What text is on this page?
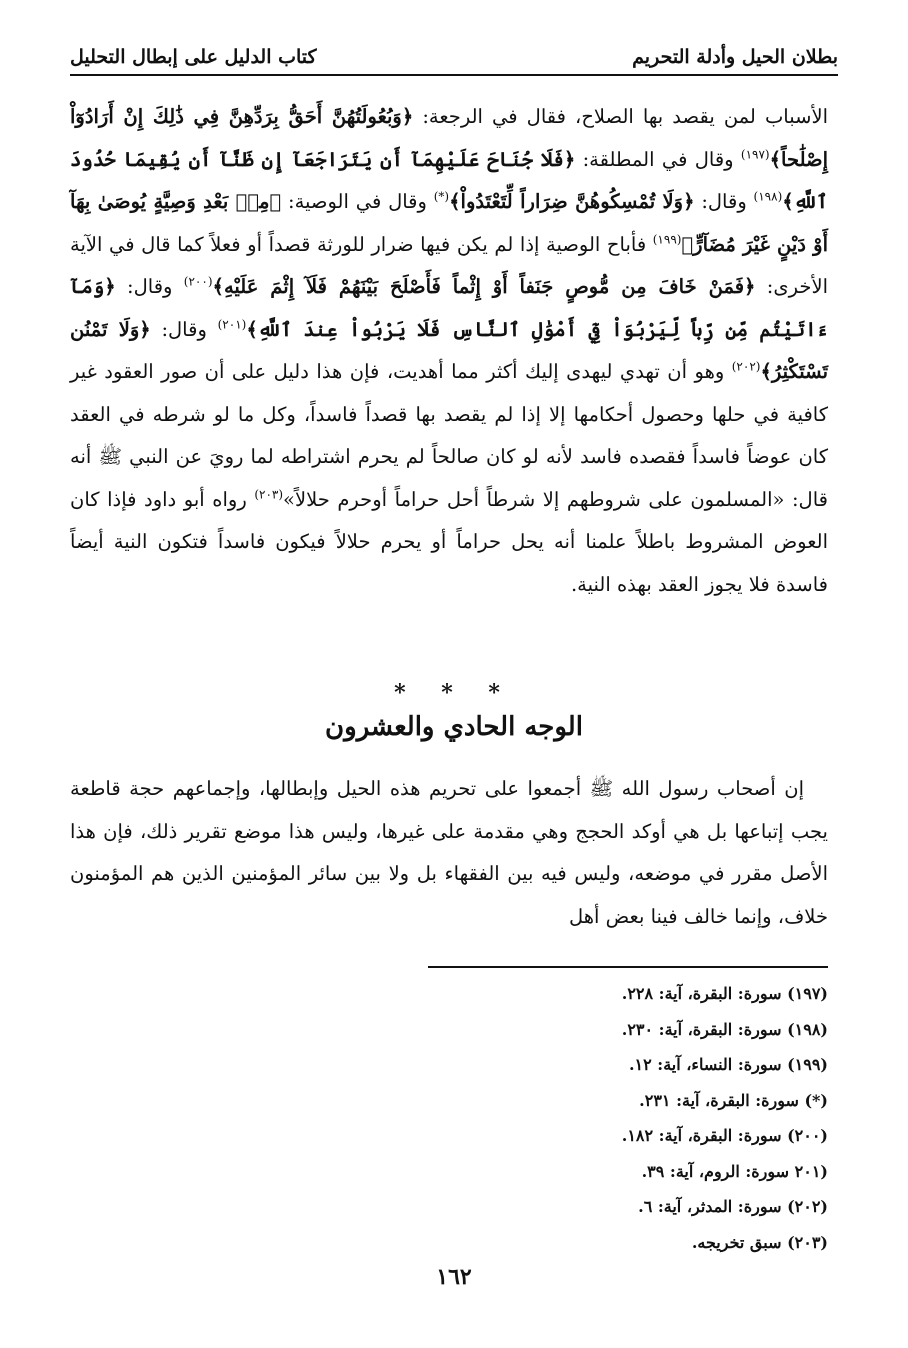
بطلان الحيل وأدلة التحريم
كتاب الدليل على إبطال التحليل

الأسباب لمن يقصد بها الصلاح، فقال في الرجعة: ﴿وَبُعُولَتُهُنَّ أَحَقُّ بِرَدِّهِنَّ فِي ذَٰلِكَ إِنْ أَرَادُوٓاْ إِصْلَٰحاً﴾$^{(١٩٧)}$ وقال في المطلقة: ﴿فَلَا جُنَاحَ عَلَيْهِمَآ أَن يَتَرَاجَعَآ إِن ظَنَّآ أَن يُقِيمَا حُدُودَ ٱللَّهِ﴾$^{(١٩٨)}$ وقال: ﴿وَلَا تُمْسِكُوهُنَّ ضِرَاراً لِّتَعْتَدُواْ﴾(*) وقال في الوصية: ﴿مِنۢ بَعْدِ وَصِيَّةٍ يُوصَىٰ بِهَآ أَوْ دَيْنٍ غَيْرَ مُضَآرٍّ﴾$^{(١٩٩)}$ فأباح الوصية إذا لم يكن فيها ضرار للورثة قصداً أو فعلاً كما قال في الآية الأخرى: ﴿فَمَنْ خَافَ مِن مُّوصٍ جَنَفاً أَوْ إِثْماً فَأَصْلَحَ بَيْنَهُمْ فَلَآ إِثْمَ عَلَيْهِ﴾$^{(٢٠٠)}$ وقال: ﴿وَمَآ ءَاتَيْتُم مِّن رِّباً لِّيَرْبُوَاْ فِيٓ أَمْوَٰلِ ٱلنَّاسِ فَلَا يَرْبُواْ عِندَ ٱللَّهِ﴾$^{(٢٠١)}$ وقال: ﴿وَلَا تَمْنُن تَسْتَكْثِرُ﴾$^{(٢٠٢)}$ وهو أن تهدي ليهدى إليك أكثر مما أهديت، فإن هذا دليل على أن صور العقود غير كافية في حلها وحصول أحكامها إلا إذا لم يقصد بها قصداً فاسداً، وكل ما لو شرطه في العقد كان عوضاً فاسداً فقصده فاسد لأنه لو كان صالحاً لم يحرم اشتراطه لما رويَ عن النبي ﷺ أنه قال: «المسلمون على شروطهم إلا شرطاً أحل حراماً أوحرم حلالاً»$^{(٢٠٣)}$ رواه أبو داود فإذا كان العوض المشروط باطلاً علمنا أنه يحل حراماً أو يحرم حلالاً فيكون فاسداً فتكون النية أيضاً فاسدة فلا يجوز العقد بهذه النية.

* * *
الوجه الحادي والعشرون

إن أصحاب رسول الله ﷺ أجمعوا على تحريم هذه الحيل وإبطالها، وإجماعهم حجة قاطعة يجب إتباعها بل هي أوكد الحجج وهي مقدمة على غيرها، وليس هذا موضع تقرير ذلك، فإن هذا الأصل مقرر في موضعه، وليس فيه بين الفقهاء بل ولا بين سائر المؤمنين الذين هم المؤمنون خلاف، وإنما خالف فينا بعض أهل

(١٩٧) سورة: البقرة، آية: ٢٢٨.
(١٩٨) سورة: البقرة، آية: ٢٣٠.
(١٩٩) سورة: النساء، آية: ١٢.
(*) سورة: البقرة، آية: ٢٣١.
(٢٠٠) سورة: البقرة، آية: ١٨٢.
(٢٠١ سورة: الروم، آية: ٣٩.
(٢٠٢) سورة: المدثر، آية: ٦.
(٢٠٣) سبق تخريجه.
١٦٢
